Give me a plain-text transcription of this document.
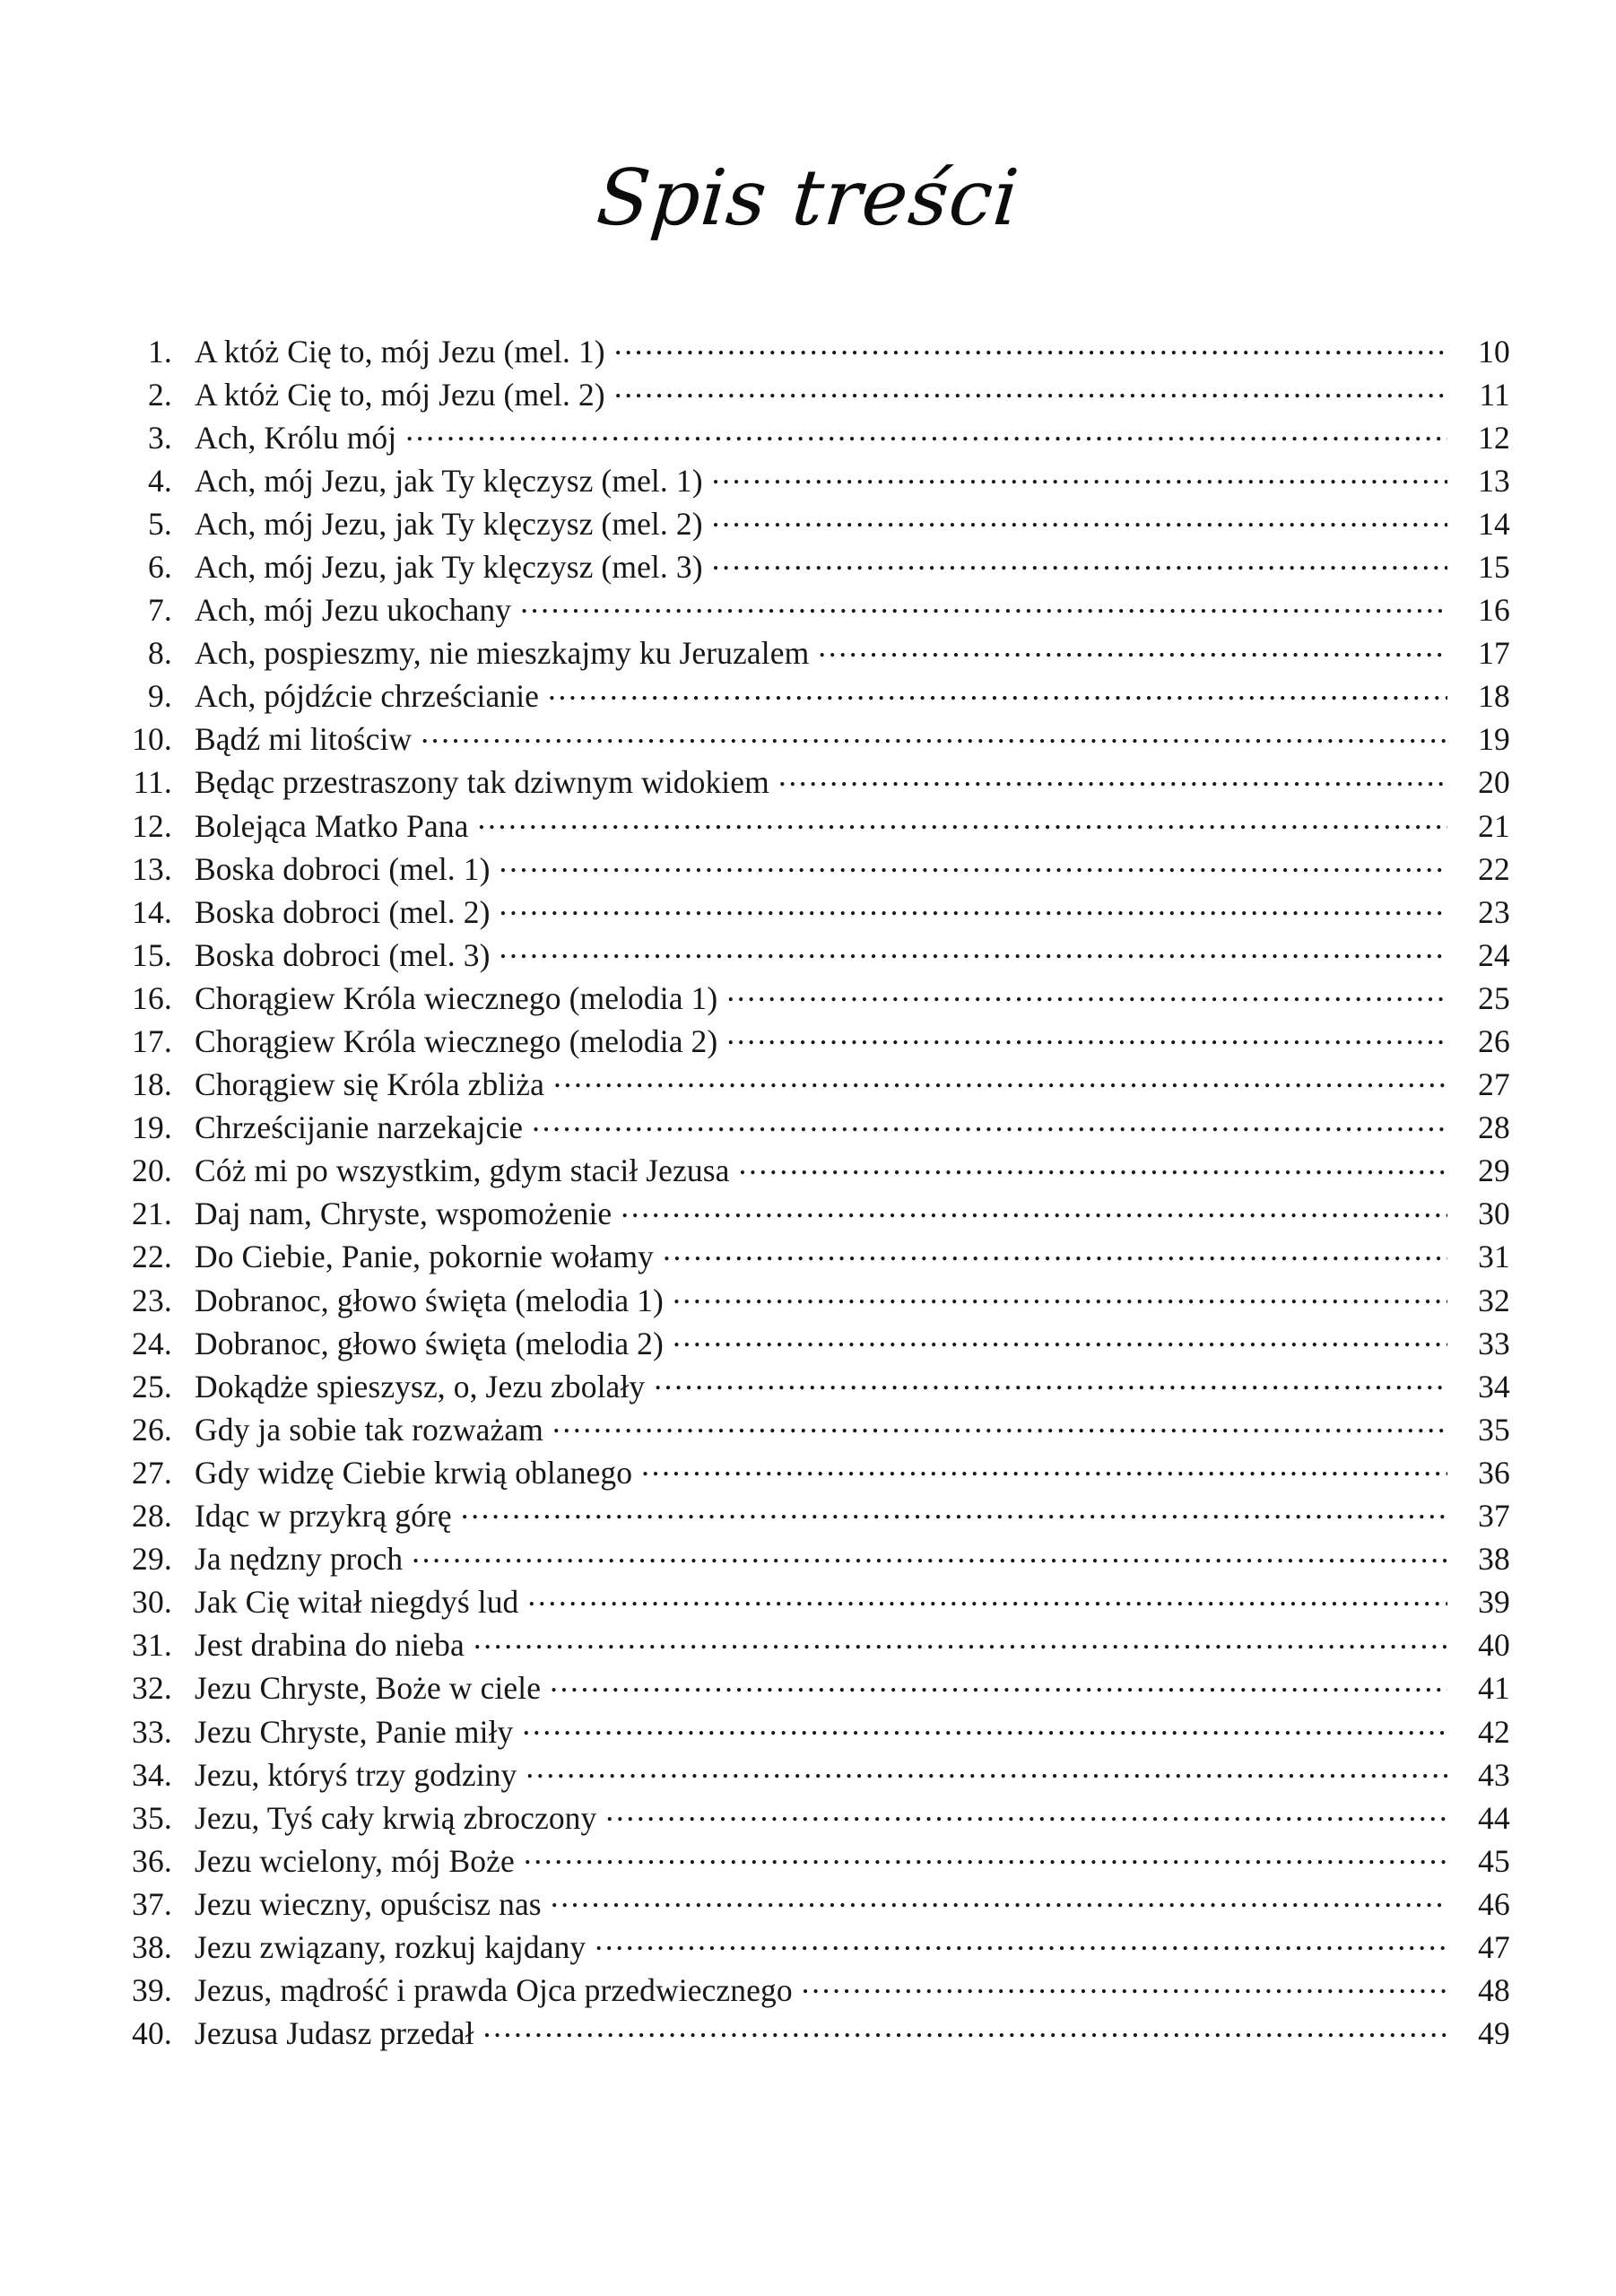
Spis treści
1. A któż Cię to, mój Jezu (mel. 1) .....	10
2. A któż Cię to, mój Jezu (mel. 2) .....	11
3. Ach, Królu mój .....	12
4. Ach, mój Jezu, jak Ty klęczysz (mel. 1) .....	13
5. Ach, mój Jezu, jak Ty klęczysz (mel. 2) .....	14
6. Ach, mój Jezu, jak Ty klęczysz (mel. 3) .....	15
7. Ach, mój Jezu ukochany .....	16
8. Ach, pospieszmy, nie mieszkajmy ku Jeruzalem .....	17
9. Ach, pójdźcie chrześcianie .....	18
10. Bądź mi litościw .....	19
11. Będąc przestraszony tak dziwnym widokiem .....	20
12. Bolejąca Matko Pana .....	21
13. Boska dobroci (mel. 1) .....	22
14. Boska dobroci (mel. 2) .....	23
15. Boska dobroci (mel. 3) .....	24
16. Chorągiew Króla wiecznego (melodia 1) .....	25
17. Chorągiew Króla wiecznego (melodia 2) .....	26
18. Chorągiew się Króla zbliża .....	27
19. Chrześcijanie narzekajcie .....	28
20. Cóż mi po wszystkim, gdym stacił Jezusa .....	29
21. Daj nam, Chryste, wspomożenie .....	30
22. Do Ciebie, Panie, pokornie wołamy .....	31
23. Dobranoc, głowo święta (melodia 1) .....	32
24. Dobranoc, głowo święta (melodia 2) .....	33
25. Dokądże spieszysz, o, Jezu zbolały .....	34
26. Gdy ja sobie tak rozważam .....	35
27. Gdy widzę Ciebie krwią oblanego .....	36
28. Idąc w przykrą górę .....	37
29. Ja nędzny proch .....	38
30. Jak Cię witał niegdyś lud .....	39
31. Jest drabina do nieba .....	40
32. Jezu Chryste, Boże w ciele .....	41
33. Jezu Chryste, Panie miły .....	42
34. Jezu, któryś trzy godziny .....	43
35. Jezu, Tyś cały krwią zbroczony .....	44
36. Jezu wcielony, mój Boże .....	45
37. Jezu wieczny, opuścisz nas .....	46
38. Jezu związany, rozkuj kajdany .....	47
39. Jezus, mądrość i prawda Ojca przedwiecznego .....	48
40. Jezusa Judasz przedał .....	49
